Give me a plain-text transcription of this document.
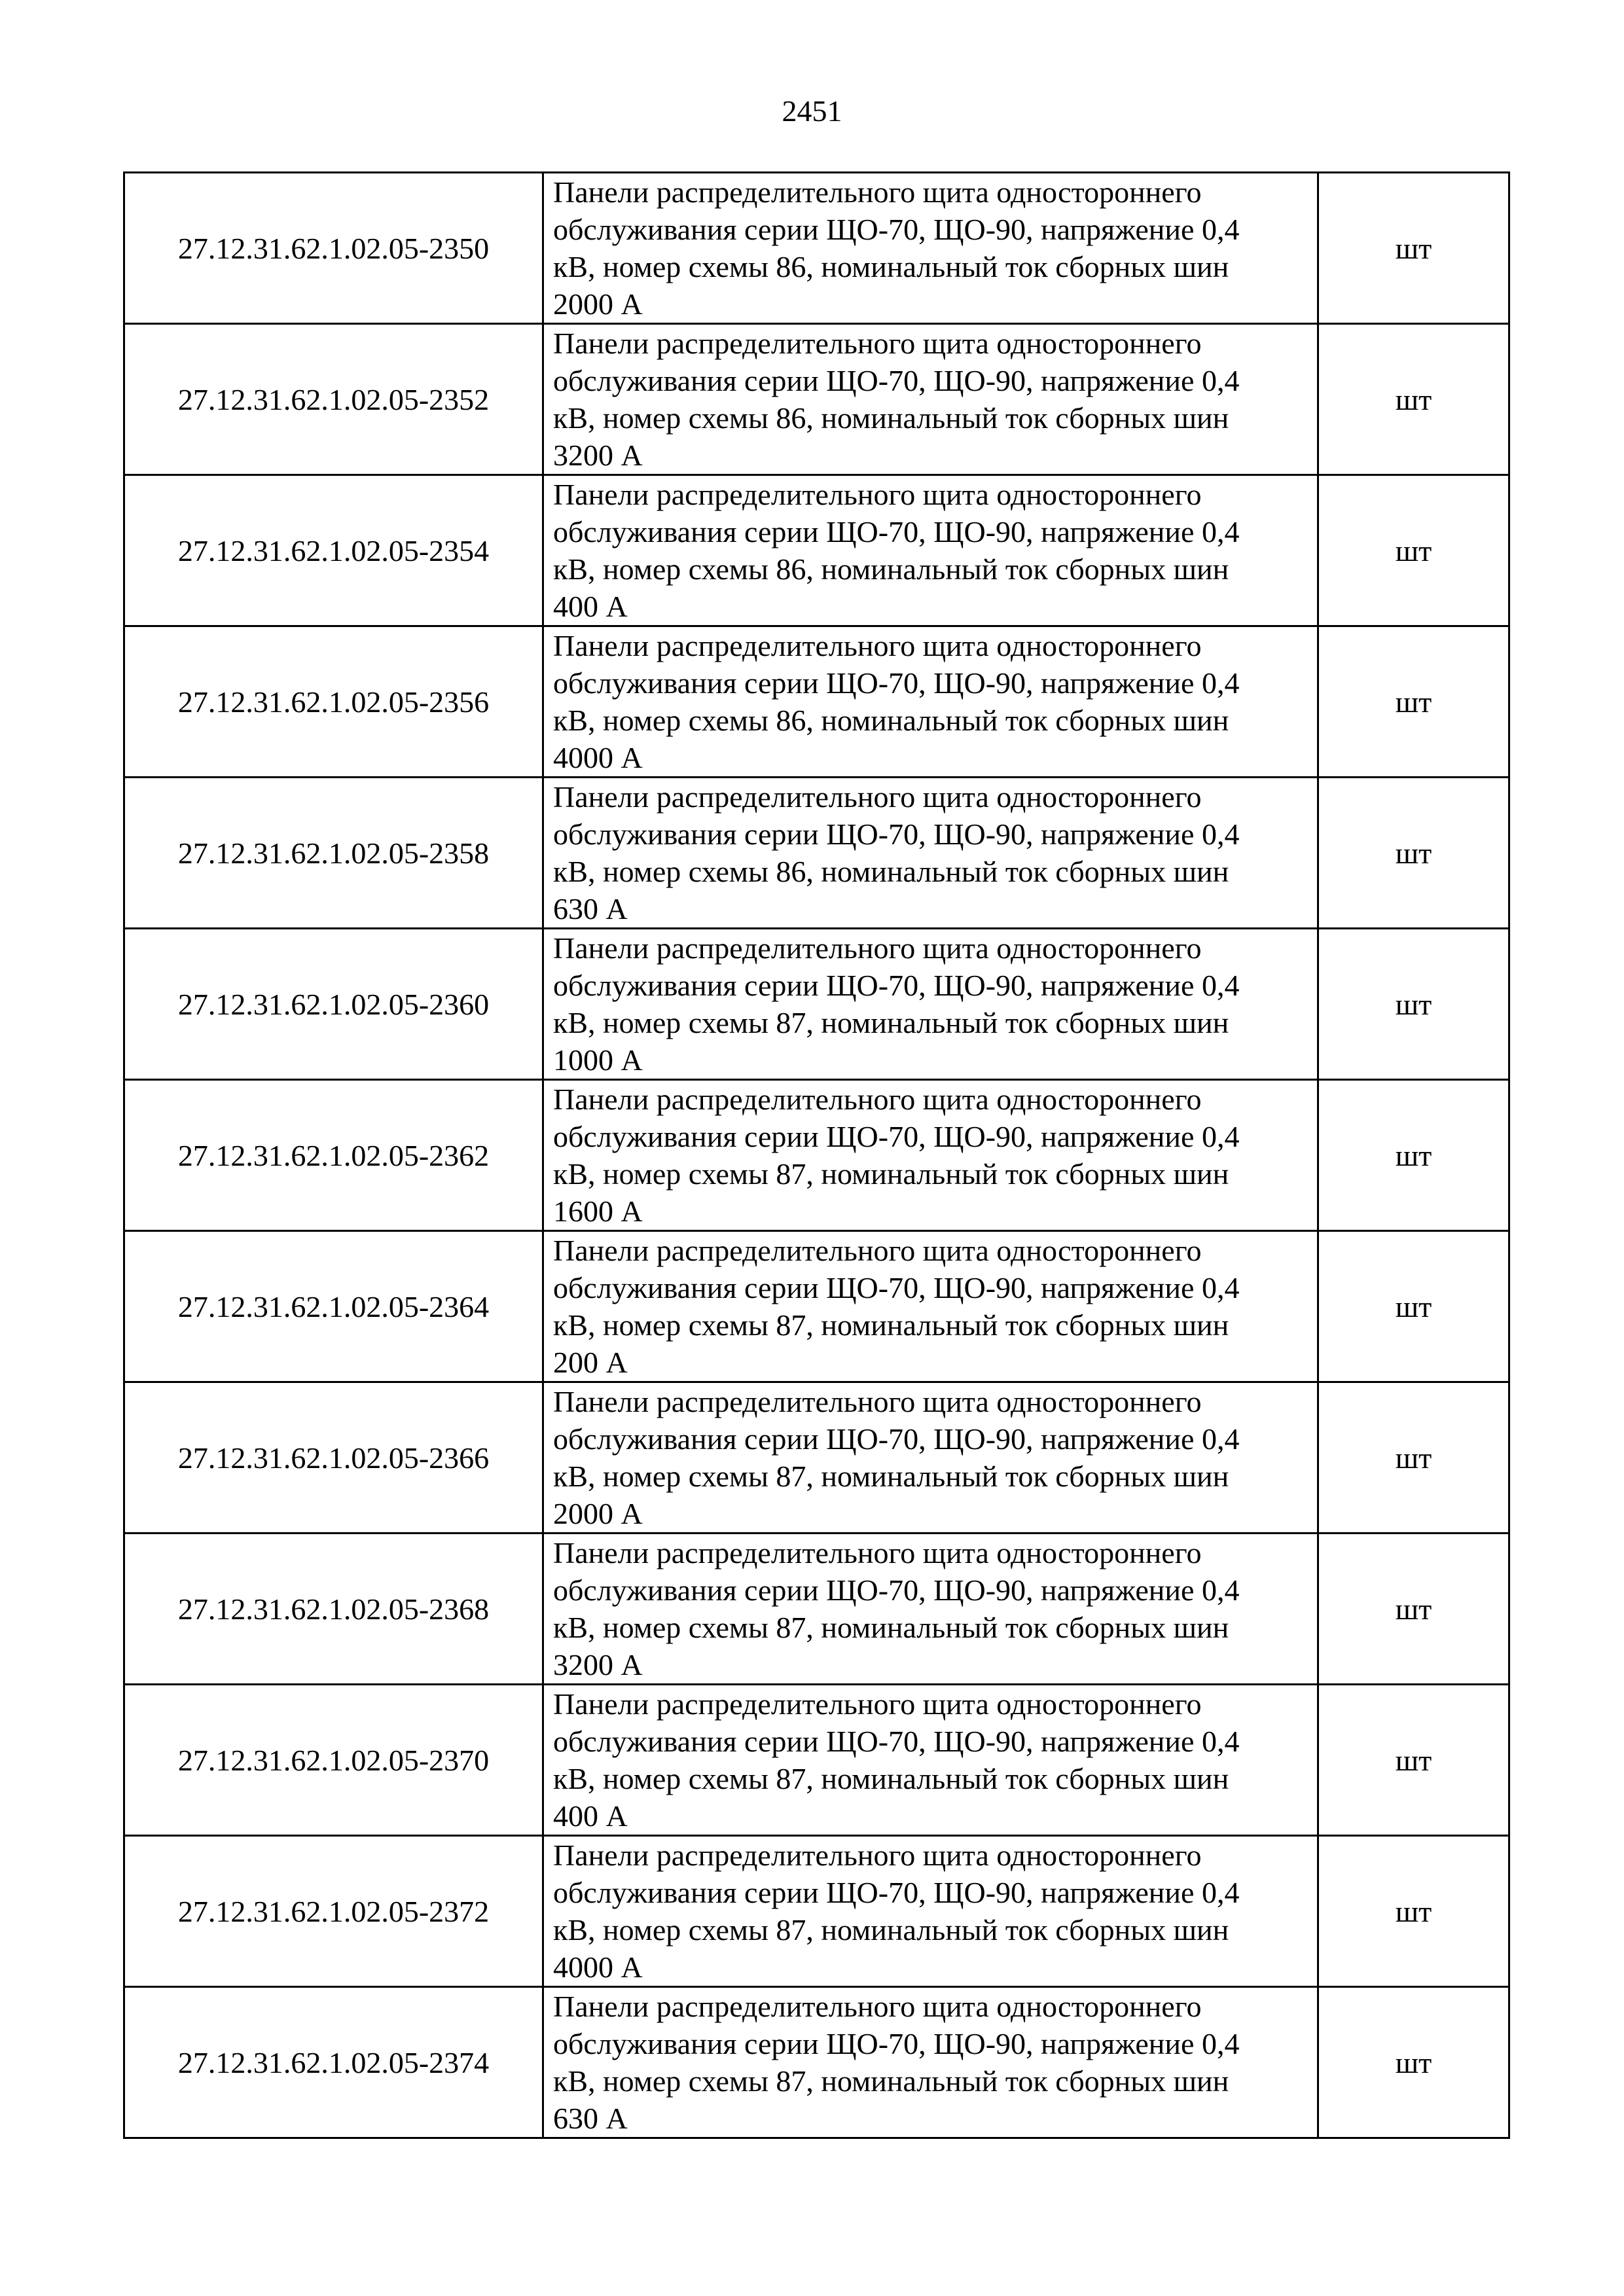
2451
27.12.31.62.1.02.05-2350	Панели распределительного щита одностороннего
обслуживания серии ЩО-70, ЩО-90, напряжение 0,4
кВ, номер схемы 86, номинальный ток сборных шин
2000 А	шт
27.12.31.62.1.02.05-2352	Панели распределительного щита одностороннего
обслуживания серии ЩО-70, ЩО-90, напряжение 0,4
кВ, номер схемы 86, номинальный ток сборных шин
3200 А	шт
27.12.31.62.1.02.05-2354	Панели распределительного щита одностороннего
обслуживания серии ЩО-70, ЩО-90, напряжение 0,4
кВ, номер схемы 86, номинальный ток сборных шин
400 А	шт
27.12.31.62.1.02.05-2356	Панели распределительного щита одностороннего
обслуживания серии ЩО-70, ЩО-90, напряжение 0,4
кВ, номер схемы 86, номинальный ток сборных шин
4000 А	шт
27.12.31.62.1.02.05-2358	Панели распределительного щита одностороннего
обслуживания серии ЩО-70, ЩО-90, напряжение 0,4
кВ, номер схемы 86, номинальный ток сборных шин
630 А	шт
27.12.31.62.1.02.05-2360	Панели распределительного щита одностороннего
обслуживания серии ЩО-70, ЩО-90, напряжение 0,4
кВ, номер схемы 87, номинальный ток сборных шин
1000 А	шт
27.12.31.62.1.02.05-2362	Панели распределительного щита одностороннего
обслуживания серии ЩО-70, ЩО-90, напряжение 0,4
кВ, номер схемы 87, номинальный ток сборных шин
1600 А	шт
27.12.31.62.1.02.05-2364	Панели распределительного щита одностороннего
обслуживания серии ЩО-70, ЩО-90, напряжение 0,4
кВ, номер схемы 87, номинальный ток сборных шин
200 А	шт
27.12.31.62.1.02.05-2366	Панели распределительного щита одностороннего
обслуживания серии ЩО-70, ЩО-90, напряжение 0,4
кВ, номер схемы 87, номинальный ток сборных шин
2000 А	шт
27.12.31.62.1.02.05-2368	Панели распределительного щита одностороннего
обслуживания серии ЩО-70, ЩО-90, напряжение 0,4
кВ, номер схемы 87, номинальный ток сборных шин
3200 А	шт
27.12.31.62.1.02.05-2370	Панели распределительного щита одностороннего
обслуживания серии ЩО-70, ЩО-90, напряжение 0,4
кВ, номер схемы 87, номинальный ток сборных шин
400 А	шт
27.12.31.62.1.02.05-2372	Панели распределительного щита одностороннего
обслуживания серии ЩО-70, ЩО-90, напряжение 0,4
кВ, номер схемы 87, номинальный ток сборных шин
4000 А	шт
27.12.31.62.1.02.05-2374	Панели распределительного щита одностороннего
обслуживания серии ЩО-70, ЩО-90, напряжение 0,4
кВ, номер схемы 87, номинальный ток сборных шин
630 А	шт
